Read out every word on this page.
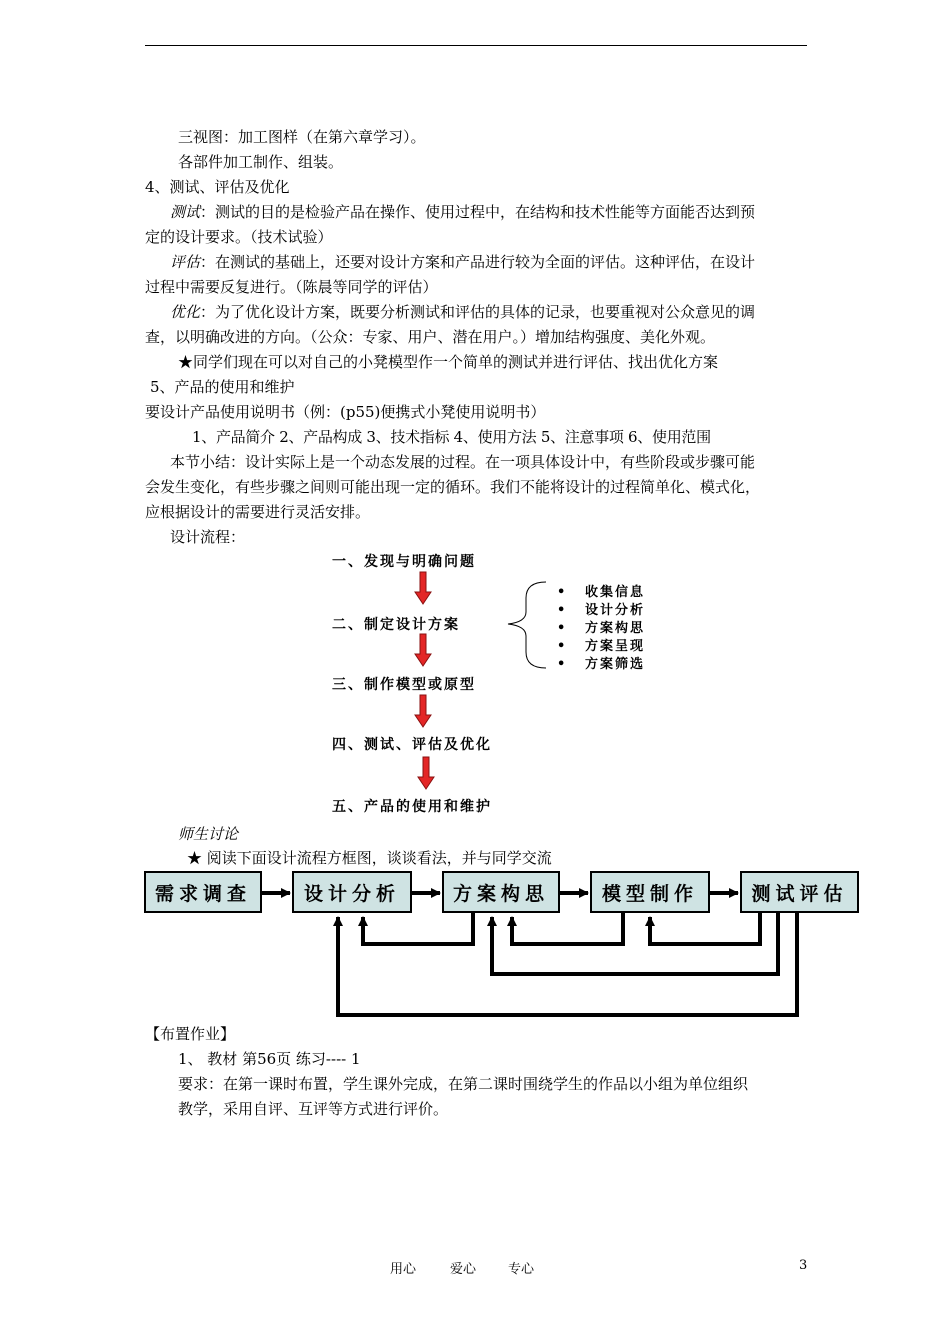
三视图：加工图样（在第六章学习）。
各部件加工制作、组装。
4、测试、评估及优化
测试：测试的目的是检验产品在操作、使用过程中，在结构和技术性能等方面能否达到预
定的设计要求。（技术试验）
评估：在测试的基础上，还要对设计方案和产品进行较为全面的评估。这种评估，在设计
过程中需要反复进行。（陈晨等同学的评估）
优化：为了优化设计方案，既要分析测试和评估的具体的记录，也要重视对公众意见的调
查，以明确改进的方向。（公众：专家、用户、潜在用户。）增加结构强度、美化外观。
★同学们现在可以对自己的小凳模型作一个简单的测试并进行评估、找出优化方案
5、产品的使用和维护
要设计产品使用说明书（例：(p55)便携式小凳使用说明书）
1、产品简介 2、产品构成 3、技术指标 4、使用方法 5、注意事项 6、使用范围
本节小结：设计实际上是一个动态发展的过程。在一项具体设计中，有些阶段或步骤可能
会发生变化，有些步骤之间则可能出现一定的循环。我们不能将设计的过程简单化、模式化，
应根据设计的需要进行灵活安排。
设计流程：
一、发现与明确问题
二、制定设计方案
三、制作模型或原型
四、测试、评估及优化
五、产品的使用和维护
• 收集信息
• 设计分析
• 方案构思
• 方案呈现
• 方案筛选
师生讨论
★ 阅读下面设计流程方框图，谈谈看法，并与同学交流
需求调查	设计分析	方案构思	模型制作	测试评估
【布置作业】
1、 教材 第56页 练习---- 1
要求：在第一课时布置，学生课外完成，在第二课时围绕学生的作品以小组为单位组织
教学，采用自评、互评等方式进行评价。
用心	爱心 专心	3
